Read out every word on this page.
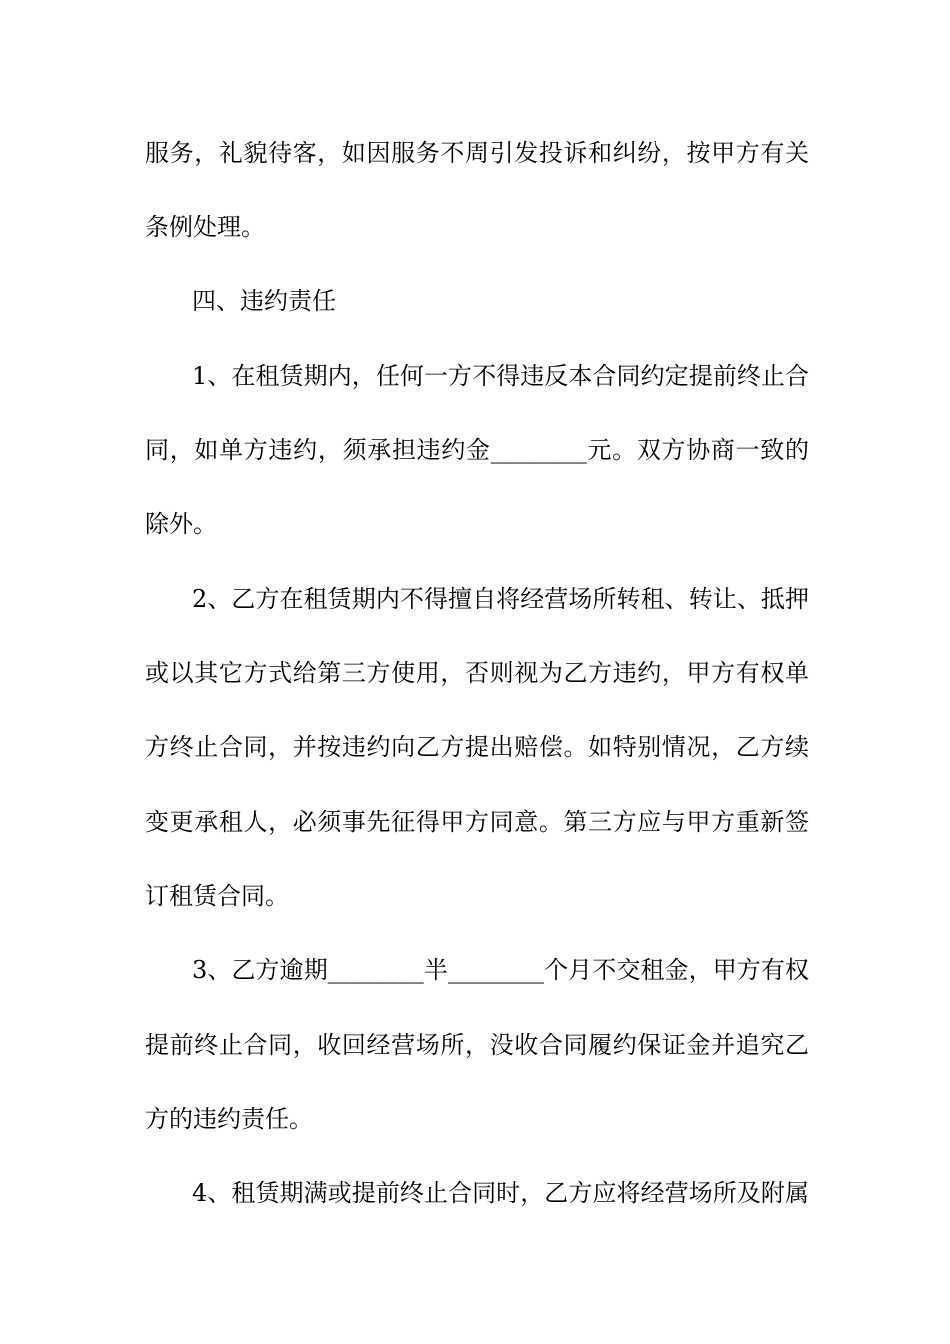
服务，礼貌待客，如因服务不周引发投诉和纠纷，按甲方有关
条例处理。
四、违约责任
1、在租赁期内，任何一方不得违反本合同约定提前终止合
同，如单方违约，须承担违约金________元。双方协商一致的
除外。
2、乙方在租赁期内不得擅自将经营场所转租、转让、抵押
或以其它方式给第三方使用，否则视为乙方违约，甲方有权单
方终止合同，并按违约向乙方提出赔偿。如特别情况，乙方续
变更承租人，必须事先征得甲方同意。第三方应与甲方重新签
订租赁合同。
3、乙方逾期________半________个月不交租金，甲方有权
提前终止合同，收回经营场所，没收合同履约保证金并追究乙
方的违约责任。
4、租赁期满或提前终止合同时，乙方应将经营场所及附属
